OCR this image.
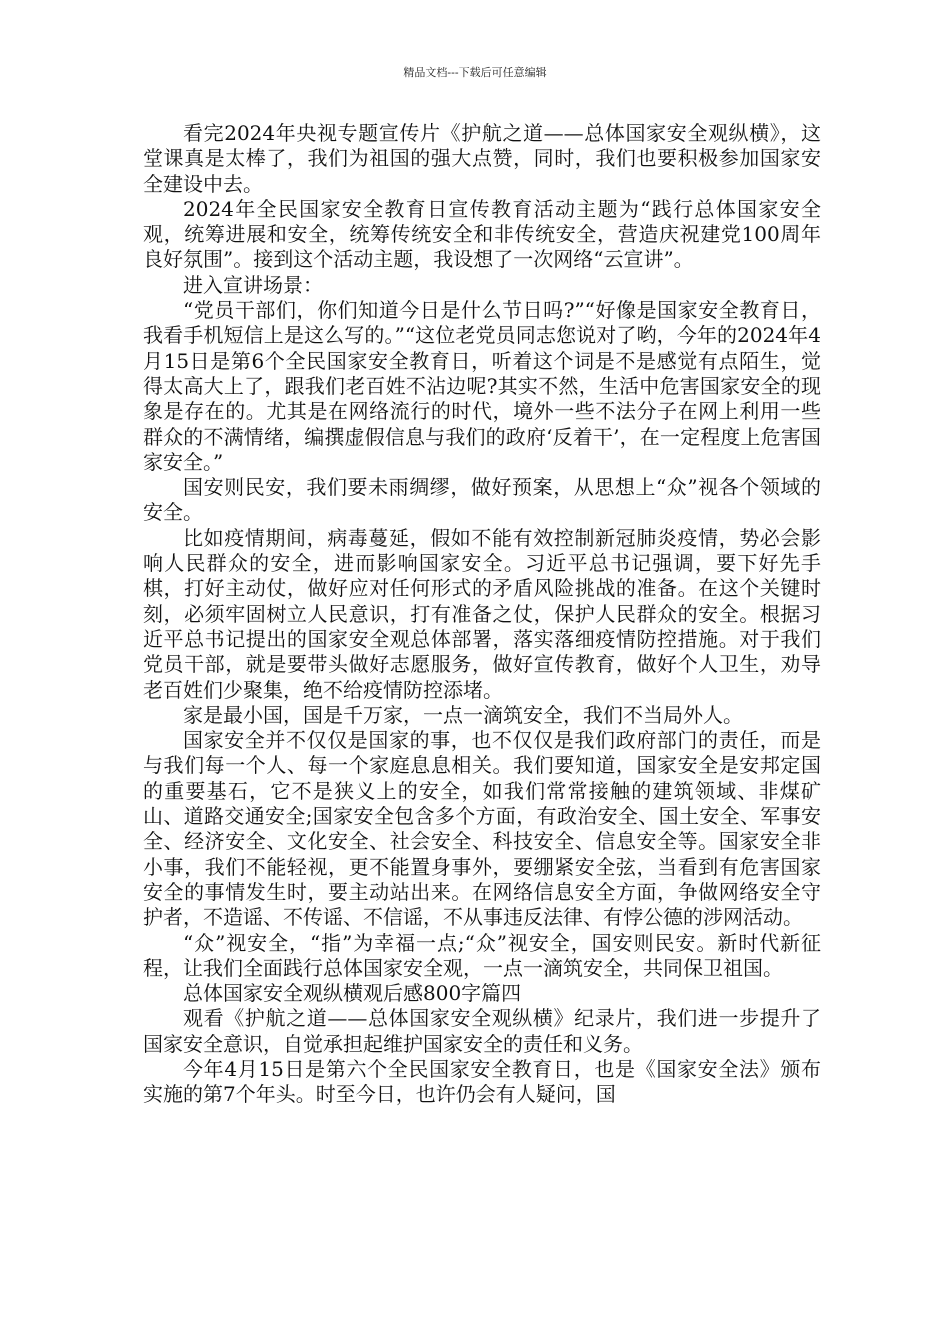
精品文档---下载后可任意编辑

看完2024年央视专题宣传片《护航之道——总体国家安全观纵横》，这堂课真是太棒了，我们为祖国的强大点赞，同时，我们也要积极参加国家安全建设中去。

2024年全民国家安全教育日宣传教育活动主题为“践行总体国家安全观，统筹进展和安全，统筹传统安全和非传统安全，营造庆祝建党100周年良好氛围”。接到这个活动主题，我设想了一次网络“云宣讲”。

进入宣讲场景：

“党员干部们，你们知道今日是什么节日吗?”“好像是国家安全教育日，我看手机短信上是这么写的。”“这位老党员同志您说对了哟，今年的2024年4月15日是第6个全民国家安全教育日，听着这个词是不是感觉有点陌生，觉得太高大上了，跟我们老百姓不沾边呢?其实不然，生活中危害国家安全的现象是存在的。尤其是在网络流行的时代，境外一些不法分子在网上利用一些群众的不满情绪，编撰虚假信息与我们的政府‘反着干’，在一定程度上危害国家安全。”

国安则民安，我们要未雨绸缪，做好预案，从思想上“众”视各个领域的安全。

比如疫情期间，病毒蔓延，假如不能有效控制新冠肺炎疫情，势必会影响人民群众的安全，进而影响国家安全。习近平总书记强调，要下好先手棋，打好主动仗，做好应对任何形式的矛盾风险挑战的准备。在这个关键时刻，必须牢固树立人民意识，打有准备之仗，保护人民群众的安全。根据习近平总书记提出的国家安全观总体部署，落实落细疫情防控措施。对于我们党员干部，就是要带头做好志愿服务，做好宣传教育，做好个人卫生，劝导老百姓们少聚集，绝不给疫情防控添堵。

家是最小国，国是千万家，一点一滴筑安全，我们不当局外人。

国家安全并不仅仅是国家的事，也不仅仅是我们政府部门的责任，而是与我们每一个人、每一个家庭息息相关。我们要知道，国家安全是安邦定国的重要基石，它不是狭义上的安全，如我们常常接触的建筑领域、非煤矿山、道路交通安全;国家安全包含多个方面，有政治安全、国土安全、军事安全、经济安全、文化安全、社会安全、科技安全、信息安全等。国家安全非小事，我们不能轻视，更不能置身事外，要绷紧安全弦，当看到有危害国家安全的事情发生时，要主动站出来。在网络信息安全方面，争做网络安全守护者，不造谣、不传谣、不信谣，不从事违反法律、有悖公德的涉网活动。

“众”视安全，“指”为幸福一点;“众”视安全，国安则民安。新时代新征程，让我们全面践行总体国家安全观，一点一滴筑安全，共同保卫祖国。

总体国家安全观纵横观后感800字篇四

观看《护航之道——总体国家安全观纵横》纪录片，我们进一步提升了国家安全意识，自觉承担起维护国家安全的责任和义务。

今年4月15日是第六个全民国家安全教育日，也是《国家安全法》颁布实施的第7个年头。时至今日，也许仍会有人疑问，国
